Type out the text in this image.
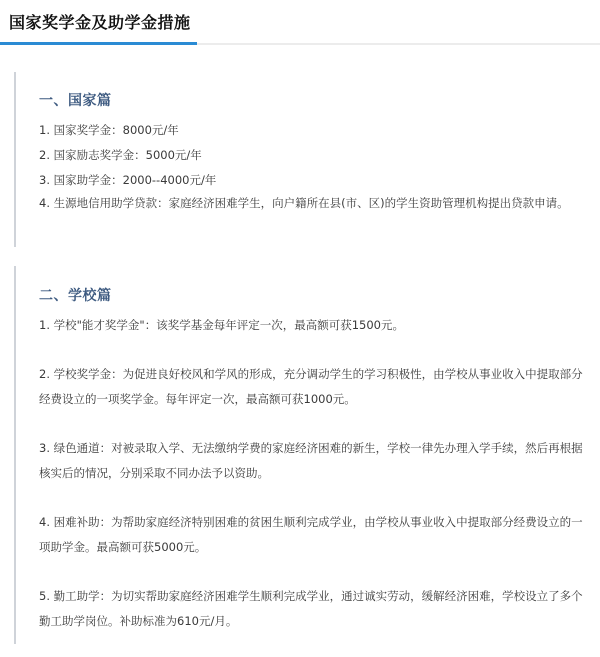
国家奖学金及助学金措施
一、国家篇
1. 国家奖学金：8000元/年
2. 国家励志奖学金：5000元/年
3. 国家助学金：2000--4000元/年
4. 生源地信用助学贷款：家庭经济困难学生，向户籍所在县(市、区)的学生资助管理机构提出贷款申请。
二、学校篇
1. 学校"能才奖学金"：该奖学基金每年评定一次，最高额可获1500元。
2. 学校奖学金：为促进良好校风和学风的形成，充分调动学生的学习积极性，由学校从事业收入中提取部分经费设立的一项奖学金。每年评定一次，最高额可获1000元。
3. 绿色通道：对被录取入学、无法缴纳学费的家庭经济困难的新生，学校一律先办理入学手续，然后再根据核实后的情况，分别采取不同办法予以资助。
4. 困难补助：为帮助家庭经济特别困难的贫困生顺利完成学业，由学校从事业收入中提取部分经费设立的一项助学金。最高额可获5000元。
5. 勤工助学：为切实帮助家庭经济困难学生顺利完成学业，通过诚实劳动，缓解经济困难，学校设立了多个勤工助学岗位。补助标准为610元/月。
